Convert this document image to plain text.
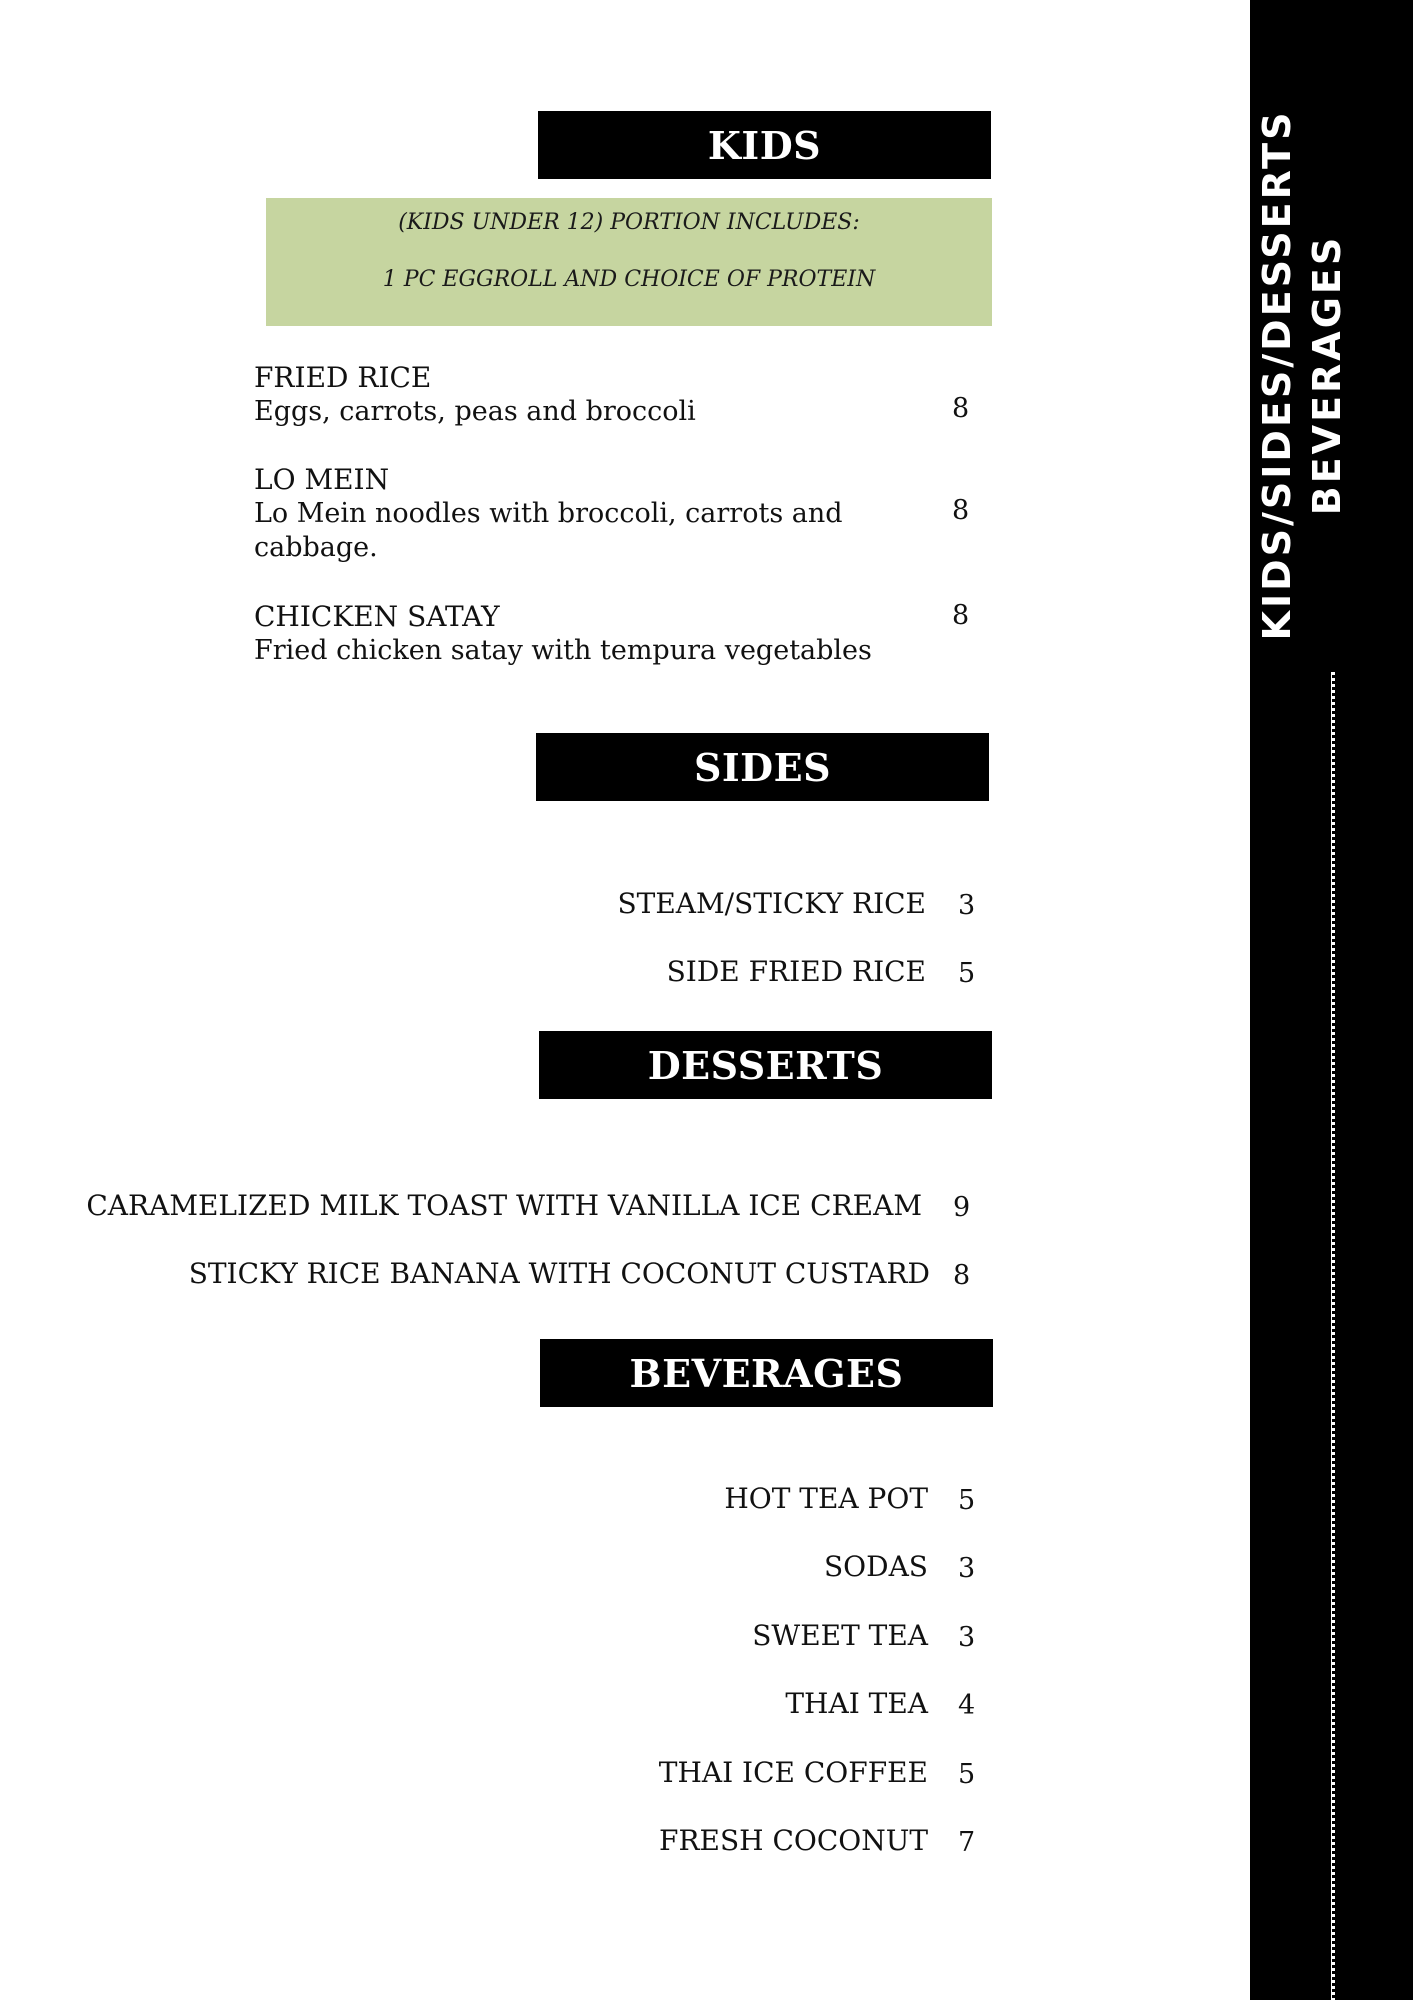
KIDS
(KIDS UNDER 12) PORTION INCLUDES:
1 PC EGGROLL AND CHOICE OF PROTEIN
FRIED RICE
Eggs, carrots, peas and broccoli	8
LO MEIN
Lo Mein noodles with broccoli, carrots and cabbage.
8
CHICKEN SATAY
Fried chicken satay with tempura vegetables
8
SIDES
STEAM/STICKY RICE 3
SIDE FRIED RICE 5
DESSERTS
CARAMELIZED MILK TOAST WITH VANILLA ICE CREAM 9
STICKY RICE BANANA WITH COCONUT CUSTARD 8
BEVERAGES
HOT TEA POT 5
SODAS 3
SWEET TEA 3
THAI TEA 4
THAI ICE COFFEE 5
FRESH COCONUT 7
KIDS/SIDES/DESSERTS BEVERAGES
